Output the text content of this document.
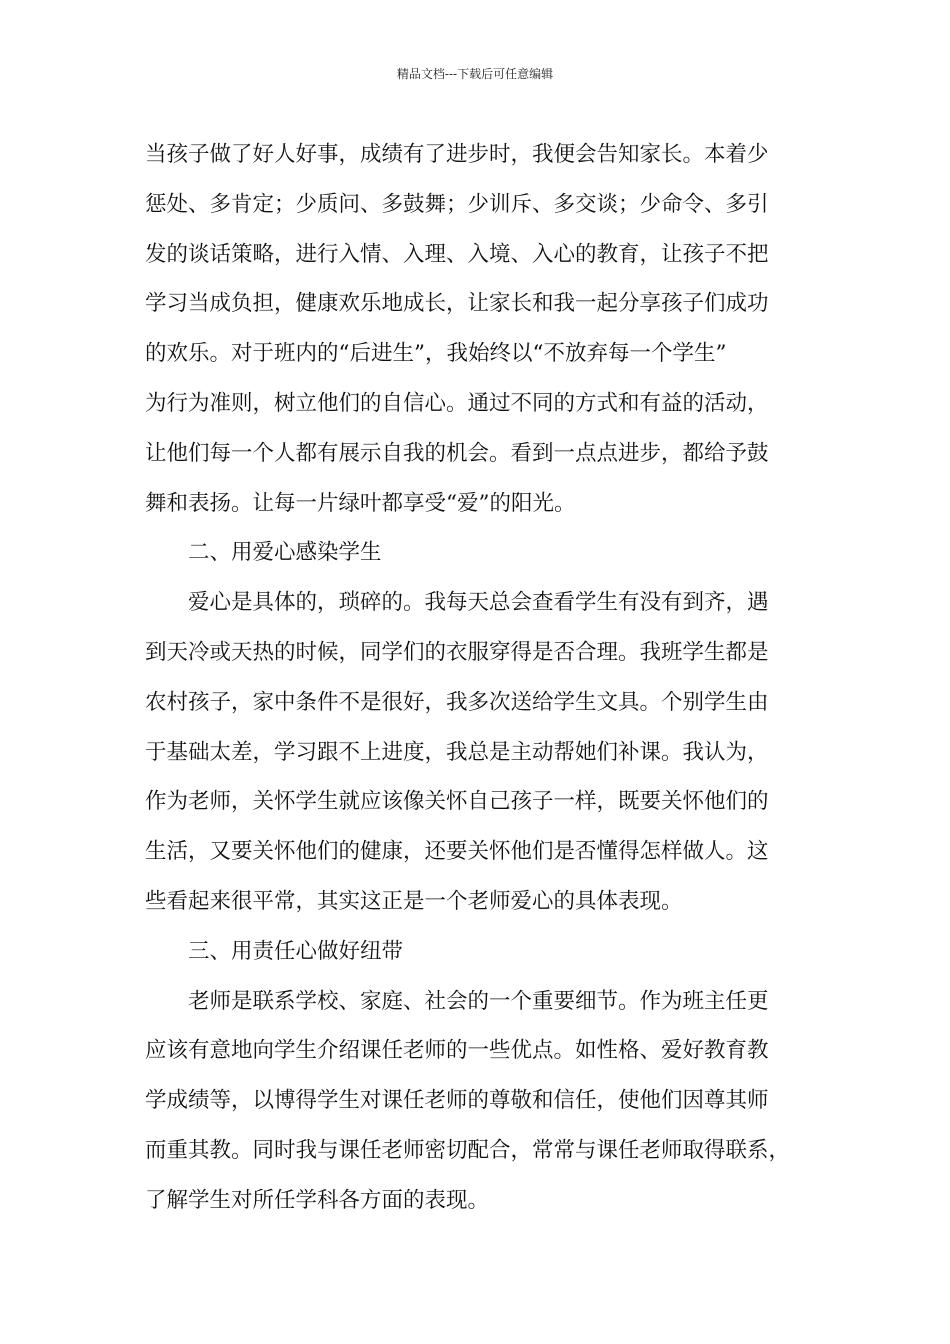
精品文档---下载后可任意编辑
当孩子做了好人好事，成绩有了进步时，我便会告知家长。本着少
惩处、多肯定；少质问、多鼓舞；少训斥、多交谈；少命令、多引
发的谈话策略，进行入情、入理、入境、入心的教育，让孩子不把
学习当成负担，健康欢乐地成长，让家长和我一起分享孩子们成功
的欢乐。对于班内的“后进生”，我始终以“不放弃每一个学生”
为行为准则，树立他们的自信心。通过不同的方式和有益的活动，
让他们每一个人都有展示自我的机会。看到一点点进步，都给予鼓
舞和表扬。让每一片绿叶都享受“爱”的阳光。
二、用爱心感染学生
爱心是具体的，琐碎的。我每天总会查看学生有没有到齐，遇
到天冷或天热的时候，同学们的衣服穿得是否合理。我班学生都是
农村孩子，家中条件不是很好，我多次送给学生文具。个别学生由
于基础太差，学习跟不上进度，我总是主动帮她们补课。我认为，
作为老师，关怀学生就应该像关怀自己孩子一样，既要关怀他们的
生活，又要关怀他们的健康，还要关怀他们是否懂得怎样做人。这
些看起来很平常，其实这正是一个老师爱心的具体表现。
三、用责任心做好纽带
老师是联系学校、家庭、社会的一个重要细节。作为班主任更
应该有意地向学生介绍课任老师的一些优点。如性格、爱好教育教
学成绩等，以博得学生对课任老师的尊敬和信任，使他们因尊其师
而重其教。同时我与课任老师密切配合，常常与课任老师取得联系，
了解学生对所任学科各方面的表现。
